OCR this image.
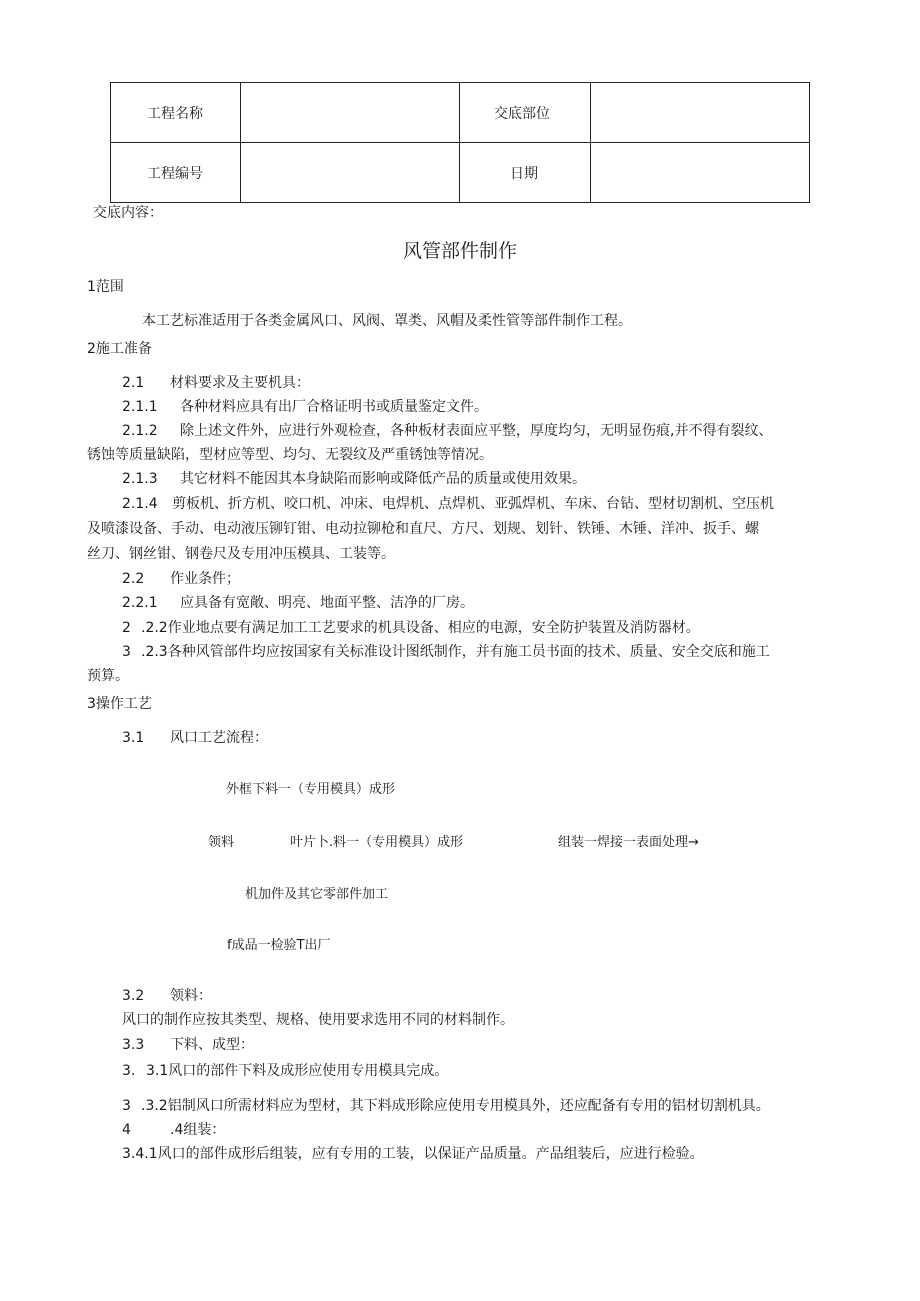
工程名称		交底部位	
工程编号		日期	
交底内容：
风管部件制作
1范围
本工艺标准适用于各类金属风口、风阀、罩类、风帽及柔性管等部件制作工程。
2施工准备
2.1 材料要求及主要机具：
2.1.1 各种材料应具有出厂合格证明书或质量鉴定文件。
2.1.2 除上述文件外，应进行外观检查，各种板材表面应平整，厚度均匀，无明显伤痕,并不得有裂纹、
锈蚀等质量缺陷，型材应等型、均匀、无裂纹及严重锈蚀等情况。
2.1.3 其它材料不能因其本身缺陷而影响或降低产品的质量或使用效果。
2.1.4 剪板机、折方机、咬口机、冲床、电焊机、点焊机、亚弧焊机、车床、台钻、型材切割机、空压机
及喷漆设备、手动、电动液压铆钉钳、电动拉铆枪和直尺、方尺、划规、划针、铁锤、木锤、洋冲、扳手、螺
丝刀、钢丝钳、钢卷尺及专用冲压模具、工装等。
2.2 作业条件；
2.2.1 应具备有宽敞、明亮、地面平整、洁净的厂房。
2 .2.2作业地点要有满足加工工艺要求的机具设备、相应的电源，安全防护装置及消防器材。
3 .2.3各种风管部件均应按国家有关标准设计图纸制作，并有施工员书面的技术、质量、安全交底和施工
预算。
3操作工艺
3.1 风口工艺流程：
外框下料一（专用模具）成形
领料	叶片卜.料一（专用模具）成形	组装一焊接一表面处理→
机加件及其它零部件加工
f成品一检验T出厂
3.2 领料：
风口的制作应按其类型、规格、使用要求选用不同的材料制作。
3.3 下料、成型：
3. 3.1风口的部件下料及成形应使用专用模具完成。
3 .3.2铝制风口所需材料应为型材，其下料成形除应使用专用模具外，还应配备有专用的铝材切割机具。
4	.4组装：
3.4.1风口的部件成形后组装，应有专用的工装，以保证产品质量。产品组装后，应进行检验。
